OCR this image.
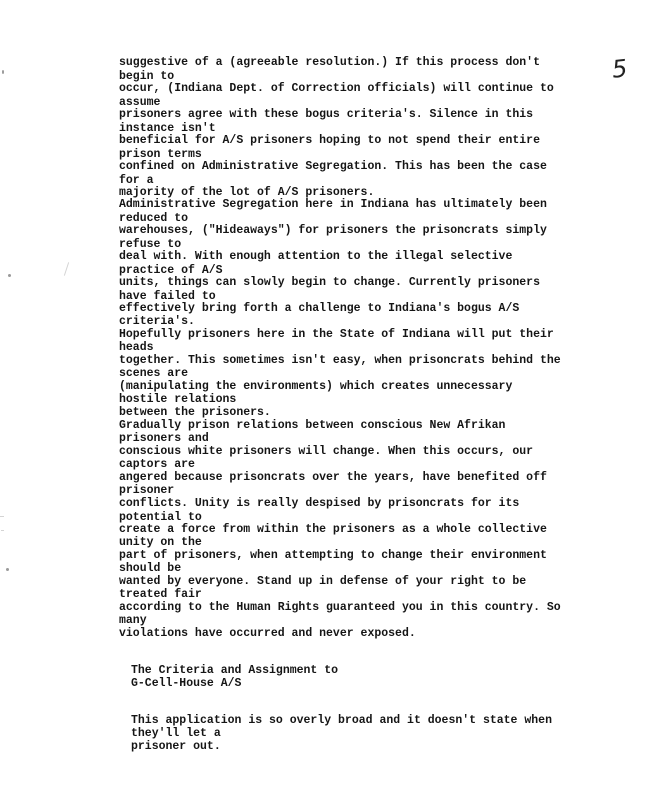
5
suggestive of a (agreeable resolution.) If this process don't
begin to
occur, (Indiana Dept. of Correction officials) will continue to
assume
prisoners agree with these bogus criteria's. Silence in this
instance isn't
beneficial for A/S prisoners hoping to not spend their entire
prison terms
confined on Administrative Segregation. This has been the case
for a
majority of the lot of A/S prisoners.
Administrative Segregation here in Indiana has ultimately been
reduced to
warehouses, ("Hideaways") for prisoners the prisoncrats simply
refuse to
deal with. With enough attention to the illegal selective
practice of A/S
units, things can slowly begin to change. Currently prisoners
have failed to
effectively bring forth a challenge to Indiana's bogus A/S
criteria's.
Hopefully prisoners here in the State of Indiana will put their
heads
together. This sometimes isn't easy, when prisoncrats behind the
scenes are
(manipulating the environments) which creates unnecessary
hostile relations
between the prisoners.
Gradually prison relations between conscious New Afrikan
prisoners and
conscious white prisoners will change. When this occurs, our
captors are
angered because prisoncrats over the years, have benefited off
prisoner
conflicts. Unity is really despised by prisoncrats for its
potential to
create a force from within the prisoners as a whole collective
unity on the
part of prisoners, when attempting to change their environment
should be
wanted by everyone. Stand up in defense of your right to be
treated fair
according to the Human Rights guaranteed you in this country. So
many
violations have occurred and never exposed.
The Criteria and Assignment to
G-Cell-House A/S
This application is so overly broad and it doesn't state when
they'll let a
prisoner out.
